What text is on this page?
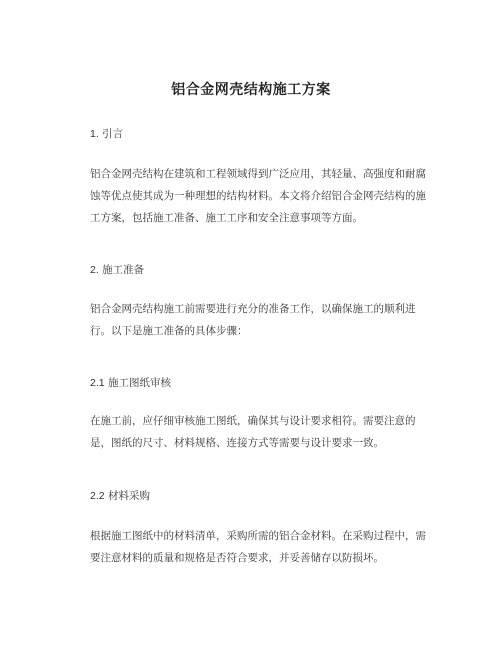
铝合金网壳结构施工方案
1. 引言
铝合金网壳结构在建筑和工程领域得到广泛应用，其轻量、高强度和耐腐蚀等优点使其成为一种理想的结构材料。本文将介绍铝合金网壳结构的施工方案，包括施工准备、施工工序和安全注意事项等方面。
2. 施工准备
铝合金网壳结构施工前需要进行充分的准备工作，以确保施工的顺利进行。以下是施工准备的具体步骤：
2.1 施工图纸审核
在施工前，应仔细审核施工图纸，确保其与设计要求相符。需要注意的是，图纸的尺寸、材料规格、连接方式等需要与设计要求一致。
2.2 材料采购
根据施工图纸中的材料清单，采购所需的铝合金材料。在采购过程中，需要注意材料的质量和规格是否符合要求，并妥善储存以防损坏。
